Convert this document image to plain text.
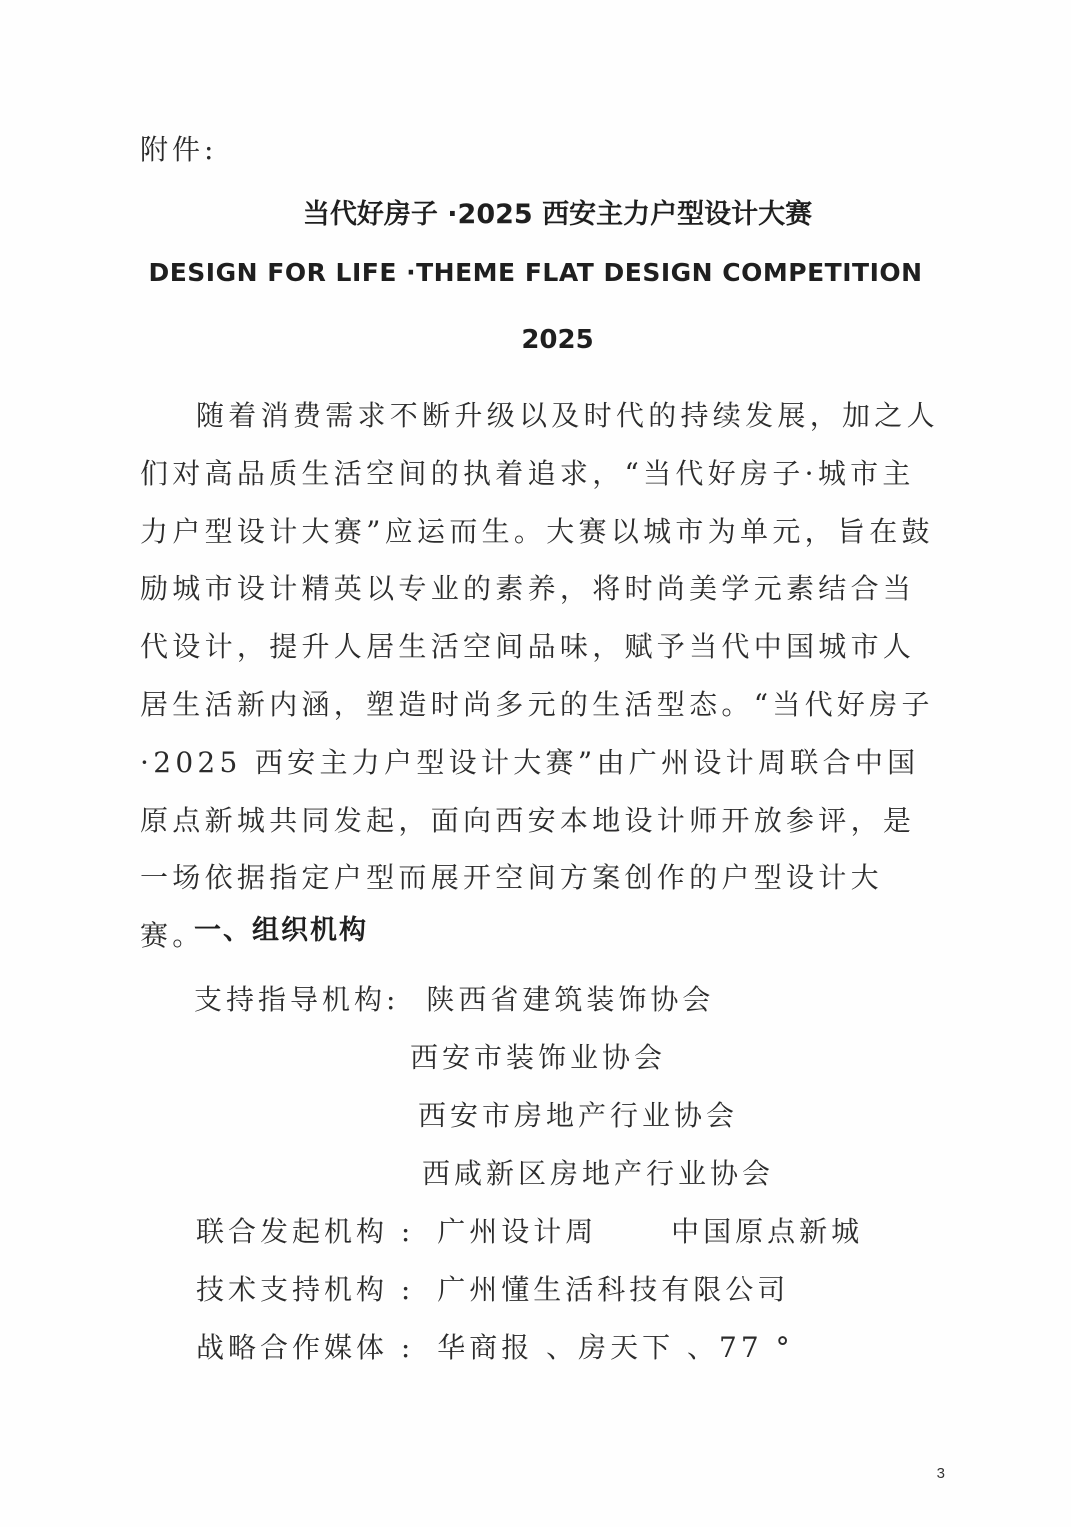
附件:
当代好房子 ·2025 西安主力户型设计大赛
DESIGN FOR LIFE ·THEME FLAT DESIGN COMPETITION
2025

随着消费需求不断升级以及时代的持续发展，加之人们对高品质生活空间的执着追求，“当代好房子·城市主力户型设计大赛”应运而生。大赛以城市为单元，旨在鼓励城市设计精英以专业的素养，将时尚美学元素结合当代设计，提升人居生活空间品味，赋予当代中国城市人居生活新内涵，塑造时尚多元的生活型态。“当代好房子·2025 西安主力户型设计大赛”由广州设计周联合中国原点新城共同发起，面向西安本地设计师开放参评，是一场依据指定户型而展开空间方案创作的户型设计大赛。

一、组织机构
支持指导机构: 陕西省建筑装饰协会
西安市装饰业协会
西安市房地产行业协会
西咸新区房地产行业协会
联合发起机构 : 广州设计周	中国原点新城
技术支持机构 : 广州懂生活科技有限公司
战略合作媒体 : 华商报 、房天下 、77 °
3
